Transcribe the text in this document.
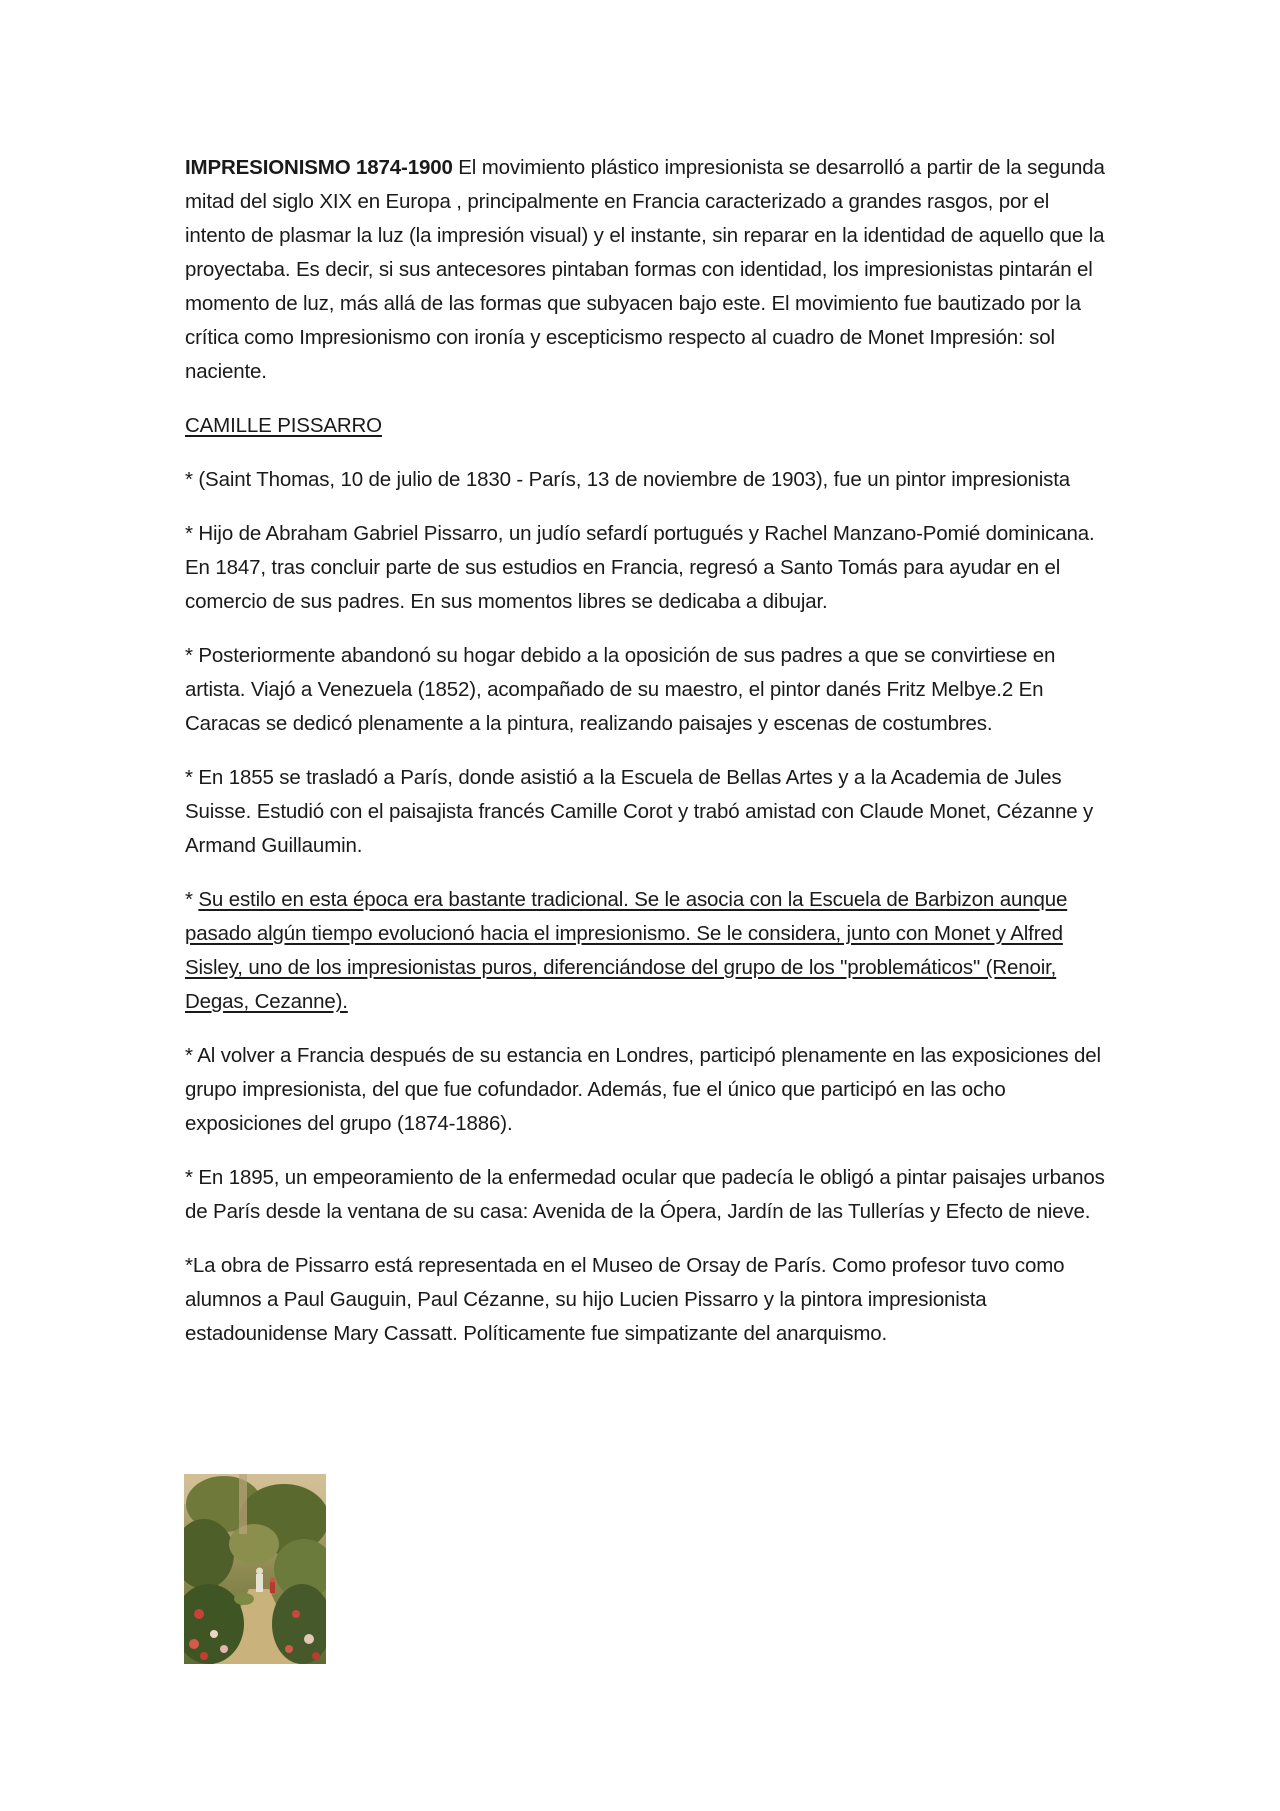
IMPRESIONISMO 1874-1900 El movimiento plástico impresionista se desarrolló a partir de la segunda mitad del siglo XIX en Europa , principalmente en Francia caracterizado a grandes rasgos, por el intento de plasmar la luz (la impresión visual) y el instante, sin reparar en la identidad de aquello que la proyectaba. Es decir, si sus antecesores pintaban formas con identidad, los impresionistas pintarán el momento de luz, más allá de las formas que subyacen bajo este. El movimiento fue bautizado por la crítica como Impresionismo con ironía y escepticismo respecto al cuadro de Monet Impresión: sol naciente.

CAMILLE PISSARRO

* (Saint Thomas, 10 de julio de 1830 - París, 13 de noviembre de 1903), fue un pintor impresionista

* Hijo de Abraham Gabriel Pissarro, un judío sefardí portugués y Rachel Manzano-Pomié dominicana. En 1847, tras concluir parte de sus estudios en Francia, regresó a Santo Tomás para ayudar en el comercio de sus padres. En sus momentos libres se dedicaba a dibujar.

* Posteriormente abandonó su hogar debido a la oposición de sus padres a que se convirtiese en artista. Viajó a Venezuela (1852), acompañado de su maestro, el pintor danés Fritz Melbye.2 En Caracas se dedicó plenamente a la pintura, realizando paisajes y escenas de costumbres.

* En 1855 se trasladó a París, donde asistió a la Escuela de Bellas Artes y a la Academia de Jules Suisse. Estudió con el paisajista francés Camille Corot y trabó amistad con Claude Monet, Cézanne y Armand Guillaumin.

* Su estilo en esta época era bastante tradicional. Se le asocia con la Escuela de Barbizon aunque pasado algún tiempo evolucionó hacia el impresionismo. Se le considera, junto con Monet y Alfred Sisley, uno de los impresionistas puros, diferenciándose del grupo de los "problemáticos" (Renoir, Degas, Cezanne).

* Al volver a Francia después de su estancia en Londres, participó plenamente en las exposiciones del grupo impresionista, del que fue cofundador. Además, fue el único que participó en las ocho exposiciones del grupo (1874-1886).

* En 1895, un empeoramiento de la enfermedad ocular que padecía le obligó a pintar paisajes urbanos de París desde la ventana de su casa: Avenida de la Ópera, Jardín de las Tullerías y Efecto de nieve.

*La obra de Pissarro está representada en el Museo de Orsay de París. Como profesor tuvo como alumnos a Paul Gauguin, Paul Cézanne, su hijo Lucien Pissarro y la pintora impresionista estadounidense Mary Cassatt. Políticamente fue simpatizante del anarquismo.
